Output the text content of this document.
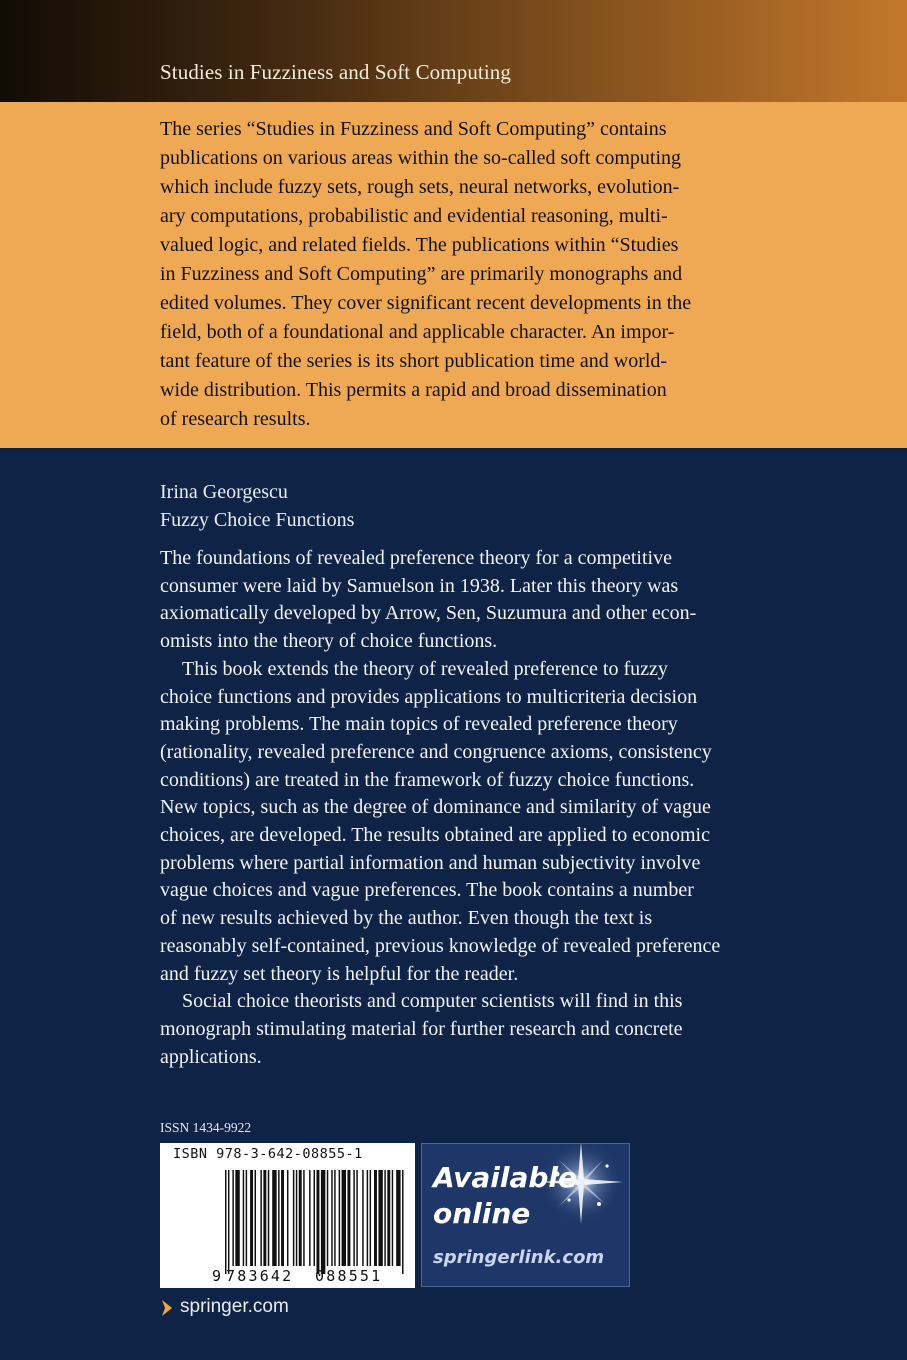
Studies in Fuzziness and Soft Computing
The series “Studies in Fuzziness and Soft Computing” contains
publications on various areas within the so-called soft computing
which include fuzzy sets, rough sets, neural networks, evolution-
ary computations, probabilistic and evidential reasoning, multi-
valued logic, and related fields. The publications within “Studies
in Fuzziness and Soft Computing” are primarily monographs and
edited volumes. They cover significant recent developments in the
field, both of a foundational and applicable character. An impor-
tant feature of the series is its short publication time and world-
wide distribution. This permits a rapid and broad dissemination
of research results.
Irina Georgescu
Fuzzy Choice Functions
The foundations of revealed preference theory for a competitive
consumer were laid by Samuelson in 1938. Later this theory was
axiomatically developed by Arrow, Sen, Suzumura and other econ-
omists into the theory of choice functions.
This book extends the theory of revealed preference to fuzzy
choice functions and provides applications to multicriteria decision
making problems. The main topics of revealed preference theory
(rationality, revealed preference and congruence axioms, consistency
conditions) are treated in the framework of fuzzy choice functions.
New topics, such as the degree of dominance and similarity of vague
choices, are developed. The results obtained are applied to economic
problems where partial information and human subjectivity involve
vague choices and vague preferences. The book contains a number
of new results achieved by the author. Even though the text is
reasonably self-contained, previous knowledge of revealed preference
and fuzzy set theory is helpful for the reader.
Social choice theorists and computer scientists will find in this
monograph stimulating material for further research and concrete
applications.
ISSN 1434-9922
ISBN 978-3-642-08855-1
9 783642 088551
Available
online
springerlink.com
springer.com
